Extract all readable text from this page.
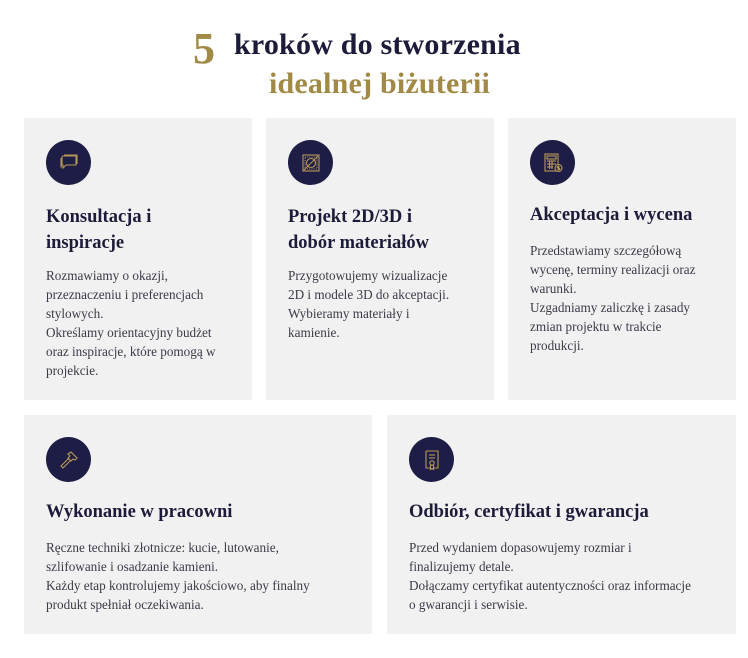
5 kroków do stworzenia
idealnej biżuterii
Konsultacja i
inspiracje

Rozmawiamy o okazji,
przeznaczeniu i preferencjach
stylowych.

Określamy orientacyjny budżet
oraz inspiracje, które pomogą w
projekcie.

Projekt 2D/3D i
dobór materiałów

Przygotowujemy wizualizacje
2D i modele 3D do akceptacji.

Wybieramy materiały i
kamienie.

Akceptacja i wycena

Przedstawiamy szczegółową
wycenę, terminy realizacji oraz
warunki.

Uzgadniamy zaliczkę i zasady
zmian projektu w trakcie
produkcji.

Wykonanie w pracowni

Ręczne techniki złotnicze: kucie, lutowanie,
szlifowanie i osadzanie kamieni.

Każdy etap kontrolujemy jakościowo, aby finalny
produkt spełniał oczekiwania.

Odbiór, certyfikat i gwarancja

Przed wydaniem dopasowujemy rozmiar i
finalizujemy detale.

Dołączamy certyfikat autentyczności oraz informacje
o gwarancji i serwisie.
